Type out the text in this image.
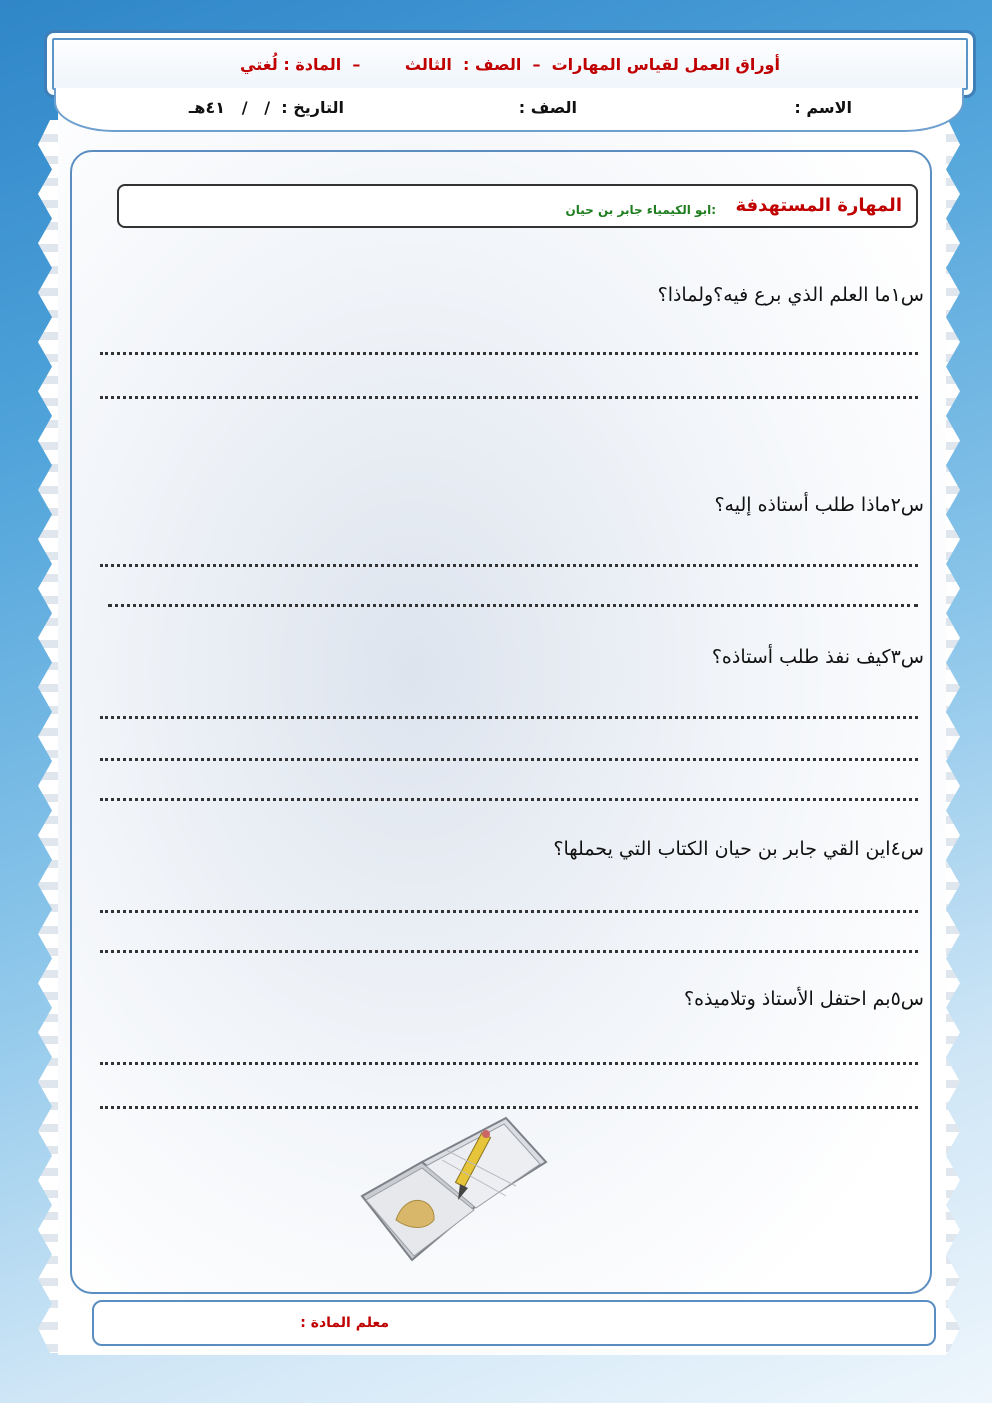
أوراق العمل لقياس المهارات  –  الصف :  الثالث        –  المادة : لُغتي
الاسم :
الصف :
التاريخ :  /   /   ٤١هـ
المهارة المستهدفة
:ابو الكيمياء جابر بن حيان
س١ما العلم الذي برع فيه؟ولماذا؟
س٢ماذا طلب أستاذه إليه؟
س٣كيف نفذ طلب أستاذه؟
س٤اين القي جابر بن حيان الكتاب التي يحملها؟
س٥بم احتفل الأستاذ وتلاميذه؟
معلم المادة :
